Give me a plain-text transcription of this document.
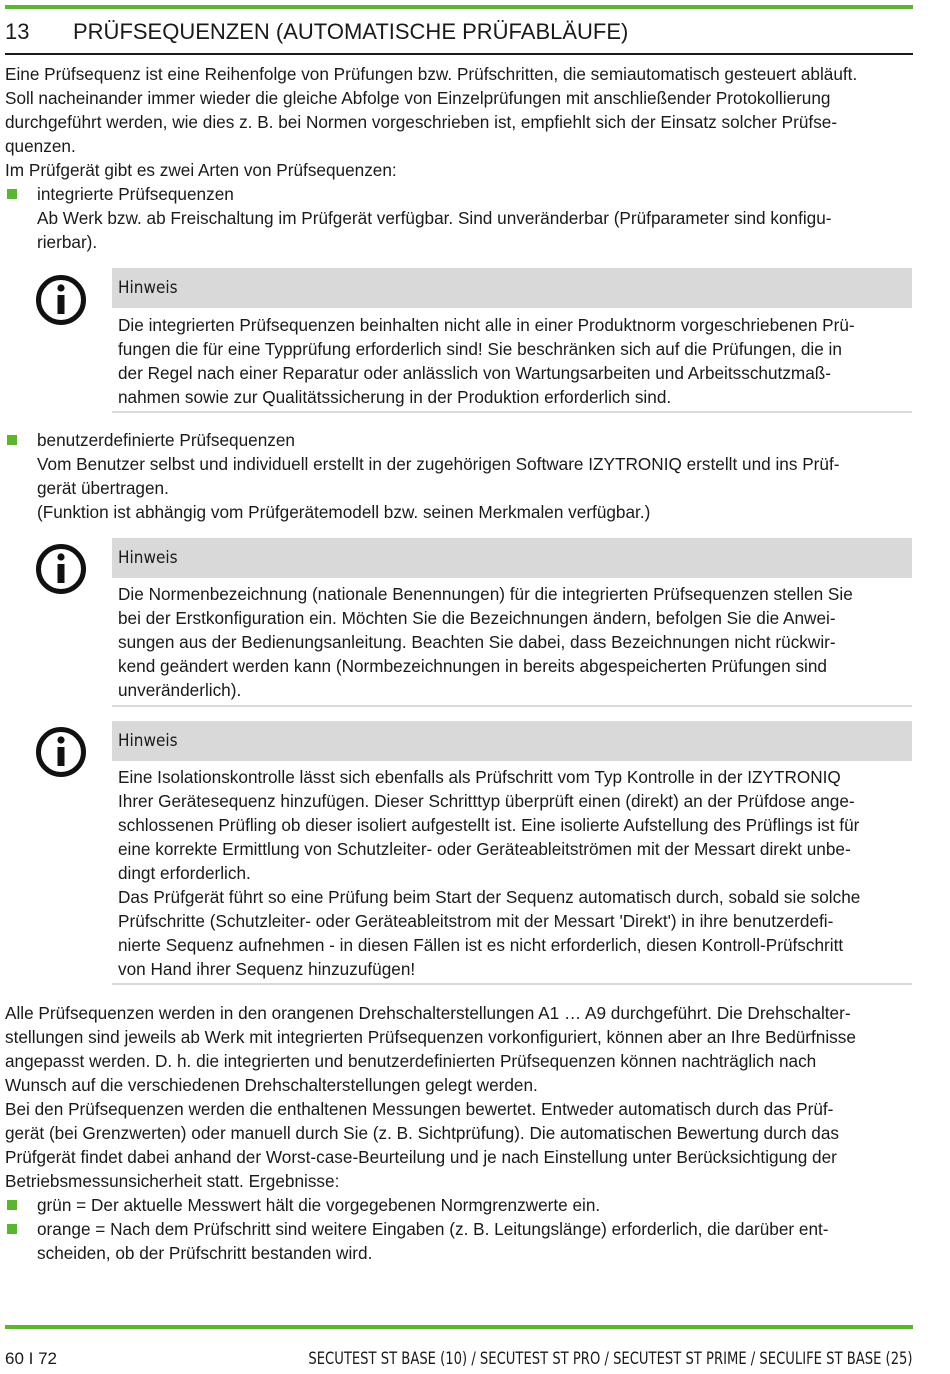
13 PRÜFSEQUENZEN (AUTOMATISCHE PRÜFABLÄUFE)
Eine Prüfsequenz ist eine Reihenfolge von Prüfungen bzw. Prüfschritten, die semiautomatisch gesteuert abläuft.
Soll nacheinander immer wieder die gleiche Abfolge von Einzelprüfungen mit anschließender Protokollierung
durchgeführt werden, wie dies z. B. bei Normen vorgeschrieben ist, empfiehlt sich der Einsatz solcher Prüfse-
quenzen.
Im Prüfgerät gibt es zwei Arten von Prüfsequenzen:
integrierte Prüfsequenzen
Ab Werk bzw. ab Freischaltung im Prüfgerät verfügbar. Sind unveränderbar (Prüfparameter sind konfigu-
rierbar).
Hinweis
Die integrierten Prüfsequenzen beinhalten nicht alle in einer Produktnorm vorgeschriebenen Prü-
fungen die für eine Typprüfung erforderlich sind! Sie beschränken sich auf die Prüfungen, die in
der Regel nach einer Reparatur oder anlässlich von Wartungsarbeiten und Arbeitsschutzmaß-
nahmen sowie zur Qualitätssicherung in der Produktion erforderlich sind.
benutzerdefinierte Prüfsequenzen
Vom Benutzer selbst und individuell erstellt in der zugehörigen Software IZYTRONIQ erstellt und ins Prüf-
gerät übertragen.
(Funktion ist abhängig vom Prüfgerätemodell bzw. seinen Merkmalen verfügbar.)
Hinweis
Die Normenbezeichnung (nationale Benennungen) für die integrierten Prüfsequenzen stellen Sie
bei der Erstkonfiguration ein. Möchten Sie die Bezeichnungen ändern, befolgen Sie die Anwei-
sungen aus der Bedienungsanleitung. Beachten Sie dabei, dass Bezeichnungen nicht rückwir-
kend geändert werden kann (Normbezeichnungen in bereits abgespeicherten Prüfungen sind
unveränderlich).
Hinweis
Eine Isolationskontrolle lässt sich ebenfalls als Prüfschritt vom Typ Kontrolle in der IZYTRONIQ
Ihrer Gerätesequenz hinzufügen. Dieser Schritttyp überprüft einen (direkt) an der Prüfdose ange-
schlossenen Prüfling ob dieser isoliert aufgestellt ist. Eine isolierte Aufstellung des Prüflings ist für
eine korrekte Ermittlung von Schutzleiter- oder Geräteableitströmen mit der Messart direkt unbe-
dingt erforderlich.
Das Prüfgerät führt so eine Prüfung beim Start der Sequenz automatisch durch, sobald sie solche
Prüfschritte (Schutzleiter- oder Geräteableitstrom mit der Messart 'Direkt') in ihre benutzerdefi-
nierte Sequenz aufnehmen - in diesen Fällen ist es nicht erforderlich, diesen Kontroll-Prüfschritt
von Hand ihrer Sequenz hinzuzufügen!
Alle Prüfsequenzen werden in den orangenen Drehschalterstellungen A1 … A9 durchgeführt. Die Drehschalter-
stellungen sind jeweils ab Werk mit integrierten Prüfsequenzen vorkonfiguriert, können aber an Ihre Bedürfnisse
angepasst werden. D. h. die integrierten und benutzerdefinierten Prüfsequenzen können nachträglich nach
Wunsch auf die verschiedenen Drehschalterstellungen gelegt werden.
Bei den Prüfsequenzen werden die enthaltenen Messungen bewertet. Entweder automatisch durch das Prüf-
gerät (bei Grenzwerten) oder manuell durch Sie (z. B. Sichtprüfung). Die automatischen Bewertung durch das
Prüfgerät findet dabei anhand der Worst-case-Beurteilung und je nach Einstellung unter Berücksichtigung der
Betriebsmessunsicherheit statt. Ergebnisse:
grün = Der aktuelle Messwert hält die vorgegebenen Normgrenzwerte ein.
orange = Nach dem Prüfschritt sind weitere Eingaben (z. B. Leitungslänge) erforderlich, die darüber ent-
scheiden, ob der Prüfschritt bestanden wird.
60 I 72	SECUTEST ST BASE (10) / SECUTEST ST PRO / SECUTEST ST PRIME / SECULIFE ST BASE (25)
